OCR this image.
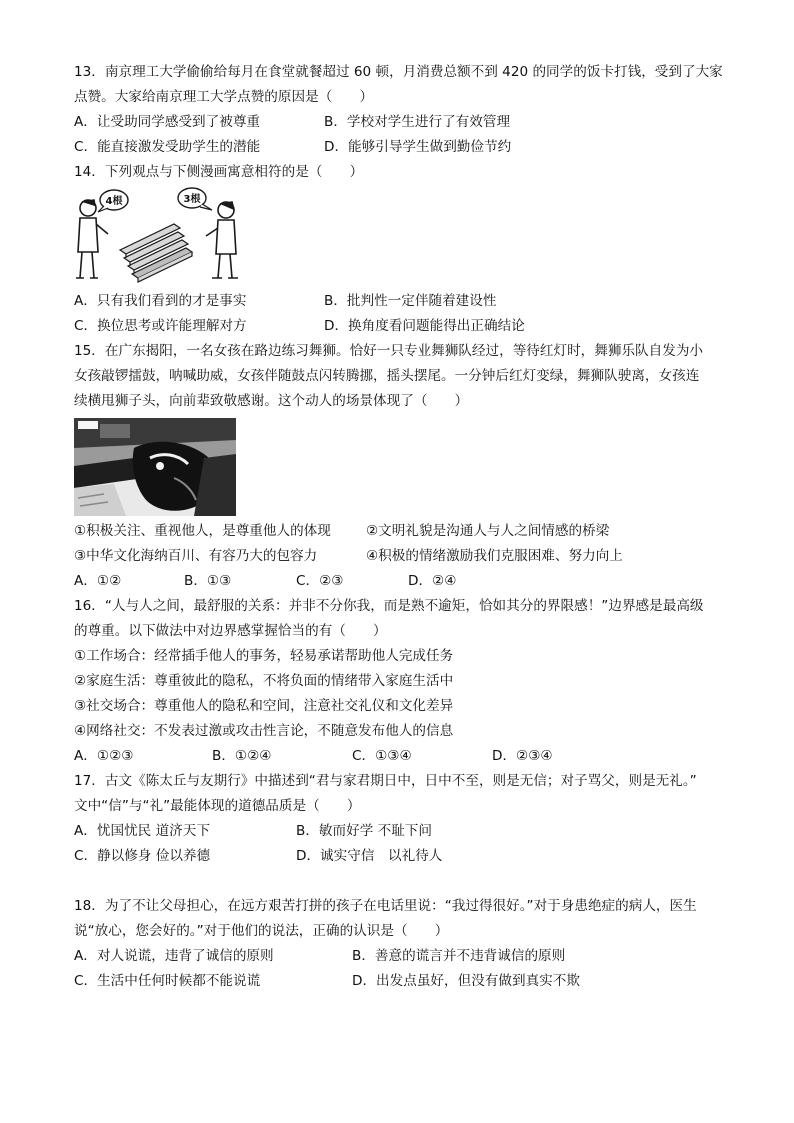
13．南京理工大学偷偷给每月在食堂就餐超过 60 顿，月消费总额不到 420 的同学的饭卡打钱，受到了大家
点赞。大家给南京理工大学点赞的原因是（　　）
A．让受助同学感受到了被尊重	B．学校对学生进行了有效管理
C．能直接激发受助学生的潜能	D．能够引导学生做到勤俭节约
14．下列观点与下侧漫画寓意相符的是（　　）
4根	3根
A．只有我们看到的才是事实	B．批判性一定伴随着建设性
C．换位思考或许能理解对方	D．换角度看问题能得出正确结论
15．在广东揭阳，一名女孩在路边练习舞狮。恰好一只专业舞狮队经过，等待红灯时，舞狮乐队自发为小
女孩敲锣擂鼓，呐喊助威，女孩伴随鼓点闪转腾挪，摇头摆尾。一分钟后红灯变绿，舞狮队驶离，女孩连
续横甩狮子头，向前辈致敬感谢。这个动人的场景体现了（　　）
①积极关注、重视他人，是尊重他人的体现	②文明礼貌是沟通人与人之间情感的桥梁
③中华文化海纳百川、有容乃大的包容力	④积极的情绪激励我们克服困难、努力向上
A．①②	B．①③	C．②③	D．②④
16．“人与人之间，最舒服的关系：并非不分你我，而是熟不逾矩，恰如其分的界限感！”边界感是最高级
的尊重。以下做法中对边界感掌握恰当的有（　　）
①工作场合：经常插手他人的事务，轻易承诺帮助他人完成任务
②家庭生活：尊重彼此的隐私，不将负面的情绪带入家庭生活中
③社交场合：尊重他人的隐私和空间，注意社交礼仪和文化差异
④网络社交：不发表过激或攻击性言论，不随意发布他人的信息
A．①②③	B．①②④	C．①③④	D．②③④
17．古文《陈太丘与友期行》中描述到“君与家君期日中，日中不至，则是无信；对子骂父，则是无礼。”
文中“信”与“礼”最能体现的道德品质是（　　）
A．忧国忧民 道济天下	B．敏而好学 不耻下问
C．静以修身 俭以养德	D．诚实守信　以礼待人
18．为了不让父母担心，在远方艰苦打拼的孩子在电话里说：“我过得很好。”对于身患绝症的病人，医生
说“放心，您会好的。”对于他们的说法，正确的认识是（　　）
A．对人说谎，违背了诚信的原则	B．善意的谎言并不违背诚信的原则
C．生活中任何时候都不能说谎	D．出发点虽好，但没有做到真实不欺
